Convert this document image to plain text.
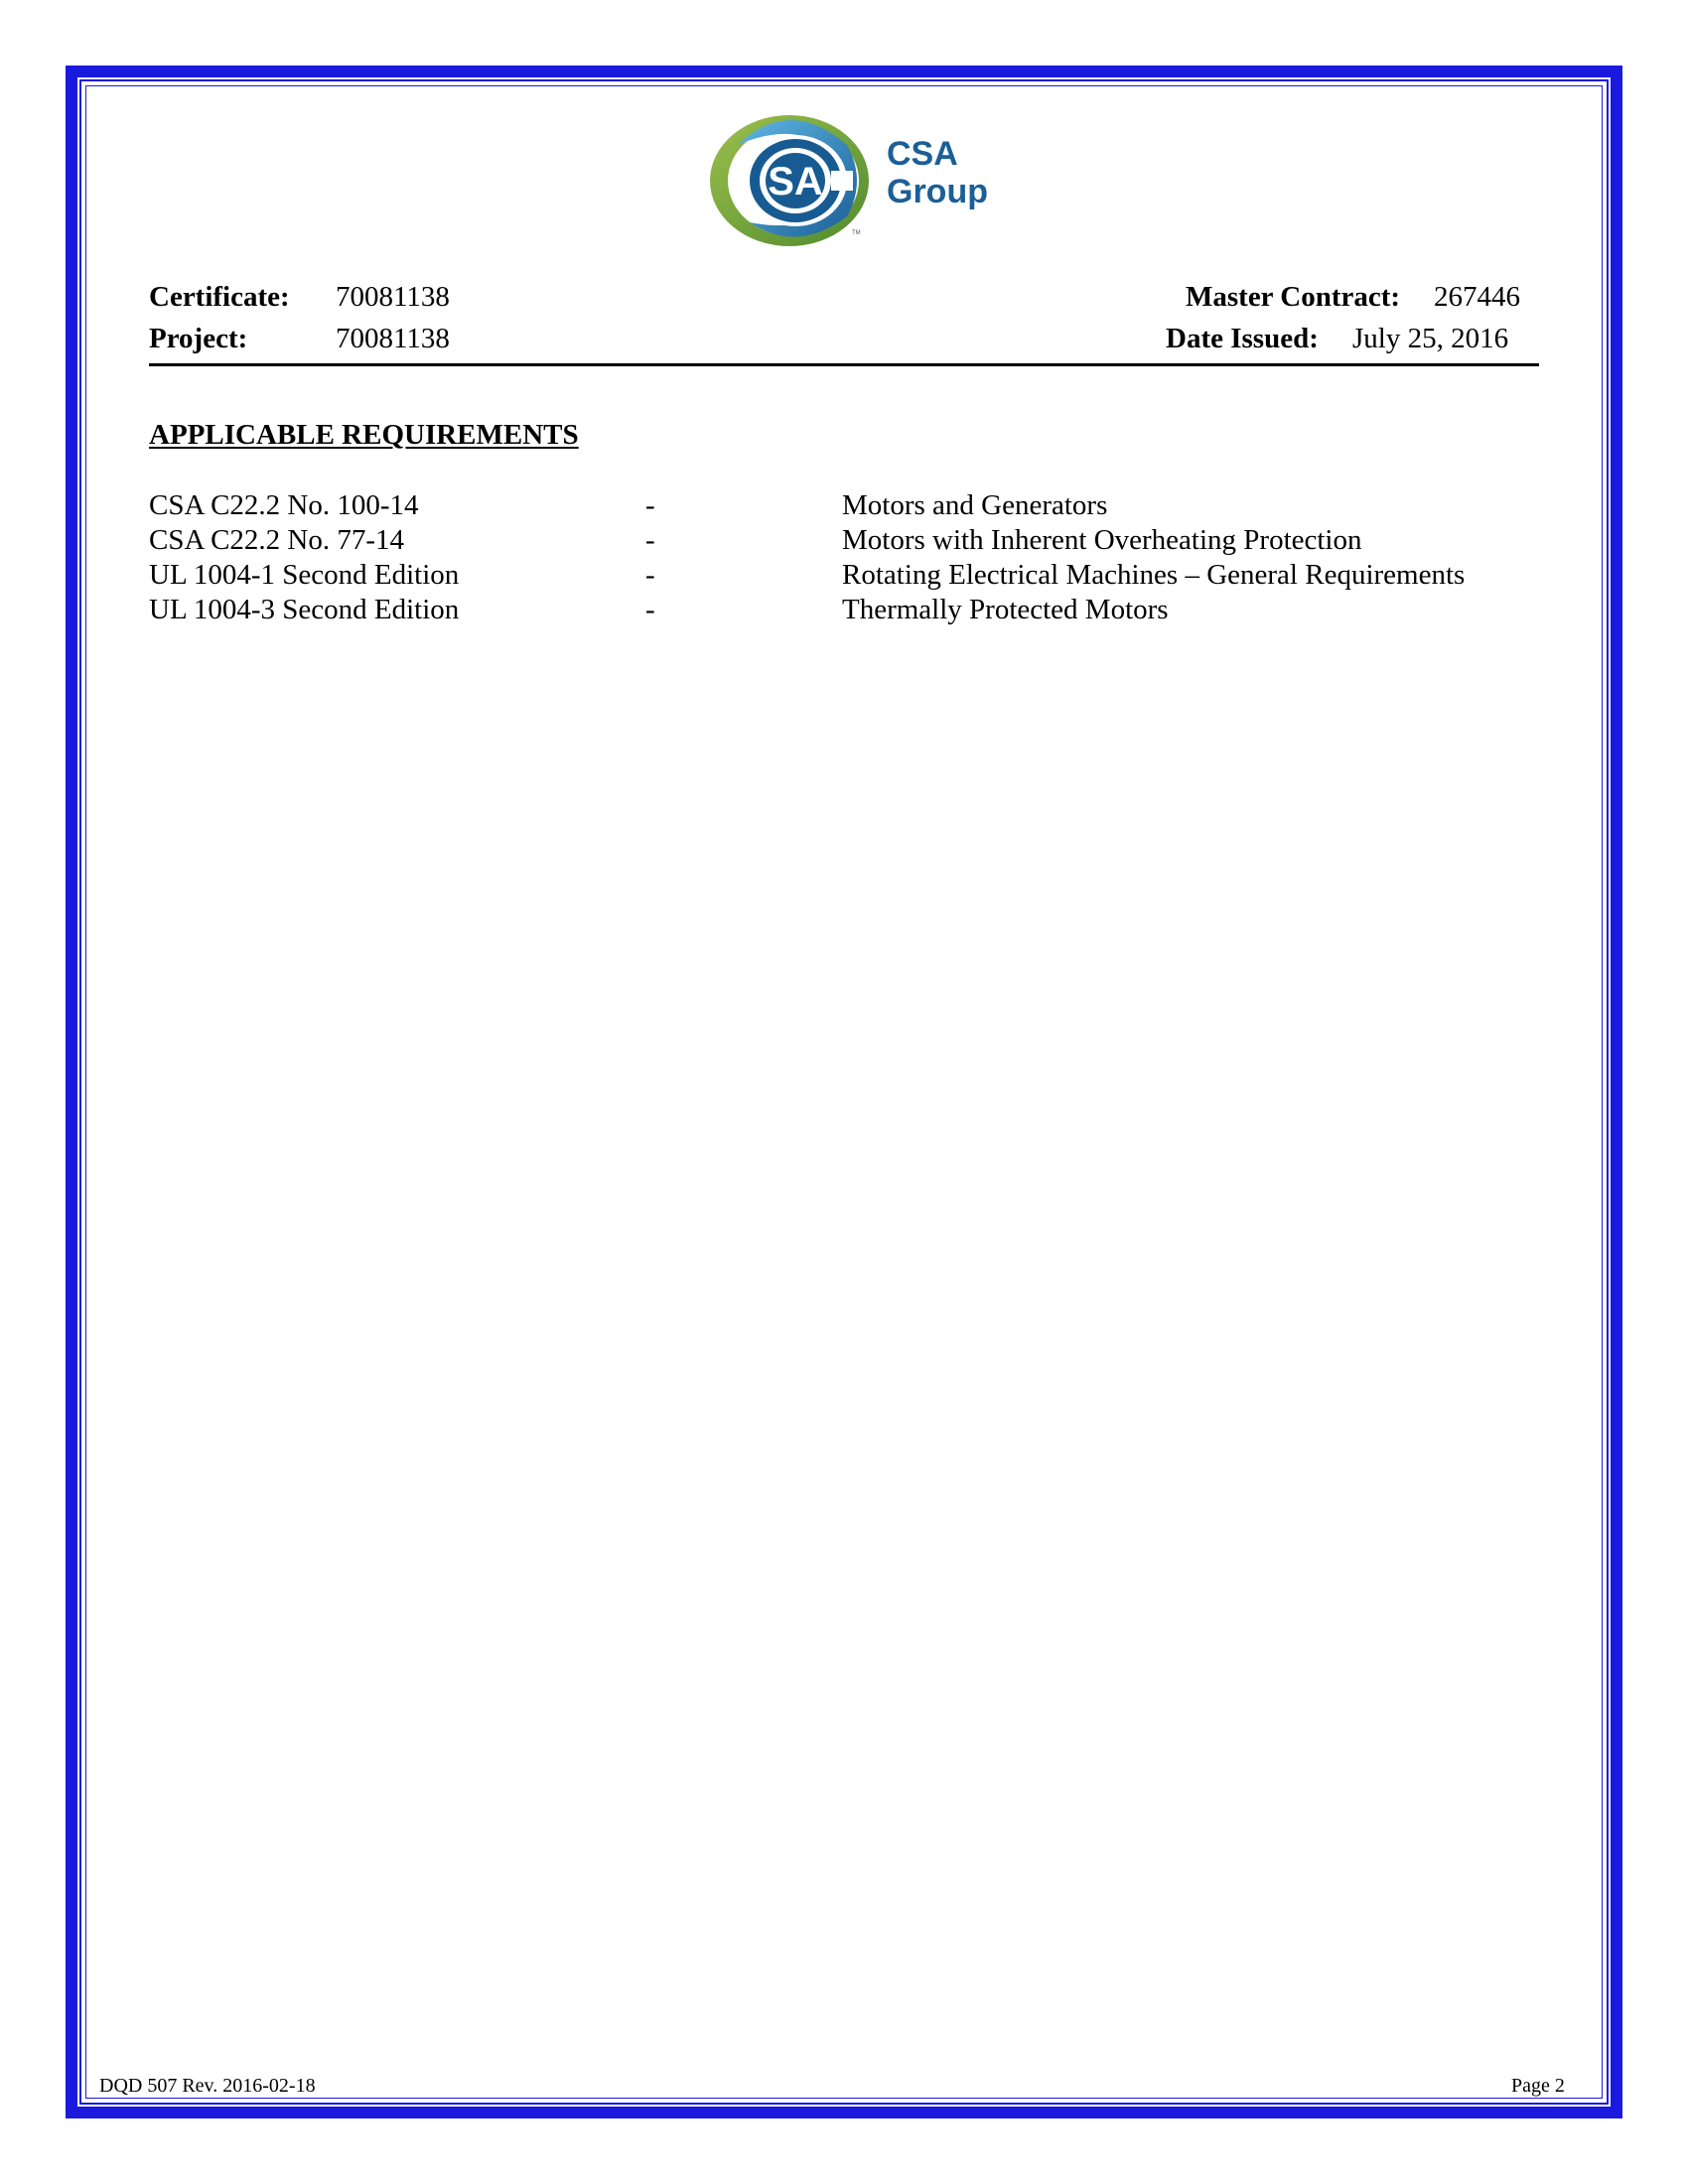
SA
CSA
Group
TM
Certificate: 70081138
Project:	70081138
Master Contract: 267446
Date Issued: July 25, 2016
APPLICABLE REQUIREMENTS
CSA C22.2 No. 100-14	-	Motors and Generators
CSA C22.2 No. 77-14	-	Motors with Inherent Overheating Protection
UL 1004-1 Second Edition	-	Rotating Electrical Machines – General Requirements
UL 1004-3 Second Edition	-	Thermally Protected Motors
DQD 507 Rev. 2016-02-18	Page 2
